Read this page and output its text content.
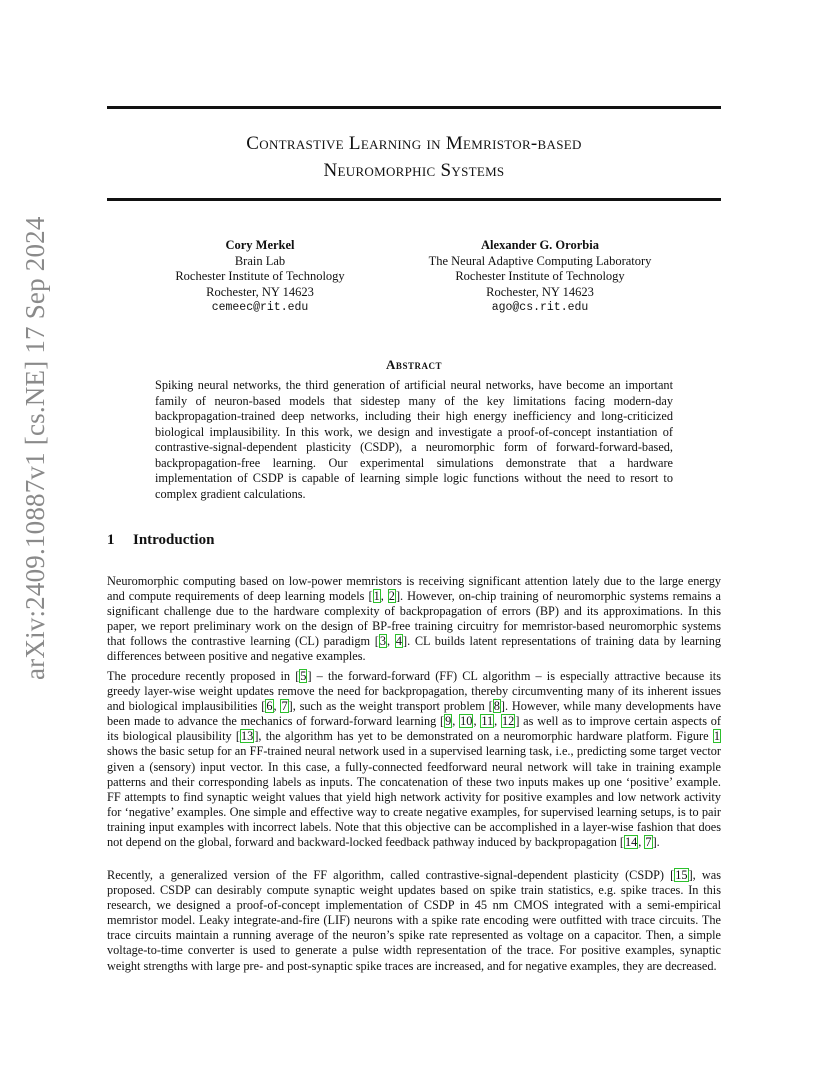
arXiv:2409.10887v1 [cs.NE] 17 Sep 2024
Contrastive Learning in Memristor-based
Neuromorphic Systems
Cory Merkel
Brain Lab
Rochester Institute of Technology
Rochester, NY 14623
cemeec@rit.edu
Alexander G. Ororbia
The Neural Adaptive Computing Laboratory
Rochester Institute of Technology
Rochester, NY 14623
ago@cs.rit.edu
Abstract
Spiking neural networks, the third generation of artificial neural networks, have become an important family of neuron-based models that sidestep many of the key limitations facing modern-day backpropagation-trained deep networks, including their high energy inefficiency and long-criticized biological implausibility. In this work, we design and investigate a proof-of-concept instantiation of contrastive-signal-dependent plasticity (CSDP), a neuromorphic form of forward-forward-based, backpropagation-free learning. Our experimental simulations demonstrate that a hardware implementation of CSDP is capable of learning simple logic functions without the need to resort to complex gradient calculations.
1 Introduction
Neuromorphic computing based on low-power memristors is receiving significant attention lately due to the large energy and compute requirements of deep learning models [1, 2]. However, on-chip training of neuromorphic systems remains a significant challenge due to the hardware complexity of backpropagation of errors (BP) and its approximations. In this paper, we report preliminary work on the design of BP-free training circuitry for memristor-based neuromorphic systems that follows the contrastive learning (CL) paradigm [3, 4]. CL builds latent representations of training data by learning differences between positive and negative examples.
The procedure recently proposed in [5] – the forward-forward (FF) CL algorithm – is especially attractive because its greedy layer-wise weight updates remove the need for backpropagation, thereby circumventing many of its inherent issues and biological implausibilities [6, 7], such as the weight transport problem [8]. However, while many developments have been made to advance the mechanics of forward-forward learning [9, 10, 11, 12] as well as to improve certain aspects of its biological plausibility [13], the algorithm has yet to be demonstrated on a neuromorphic hardware platform. Figure 1 shows the basic setup for an FF-trained neural network used in a supervised learning task, i.e., predicting some target vector given a (sensory) input vector. In this case, a fully-connected feedforward neural network will take in training example patterns and their corresponding labels as inputs. The concatenation of these two inputs makes up one ‘positive’ example. FF attempts to find synaptic weight values that yield high network activity for positive examples and low network activity for ‘negative’ examples. One simple and effective way to create negative examples, for supervised learning setups, is to pair training input examples with incorrect labels. Note that this objective can be accomplished in a layer-wise fashion that does not depend on the global, forward and backward-locked feedback pathway induced by backpropagation [14, 7].
Recently, a generalized version of the FF algorithm, called contrastive-signal-dependent plasticity (CSDP) [15], was proposed. CSDP can desirably compute synaptic weight updates based on spike train statistics, e.g. spike traces. In this research, we designed a proof-of-concept implementation of CSDP in 45 nm CMOS integrated with a semi-empirical memristor model. Leaky integrate-and-fire (LIF) neurons with a spike rate encoding were outfitted with trace circuits. The trace circuits maintain a running average of the neuron’s spike rate represented as voltage on a capacitor. Then, a simple voltage-to-time converter is used to generate a pulse width representation of the trace. For positive examples, synaptic weight strengths with large pre- and post-synaptic spike traces are increased, and for negative examples, they are decreased.
